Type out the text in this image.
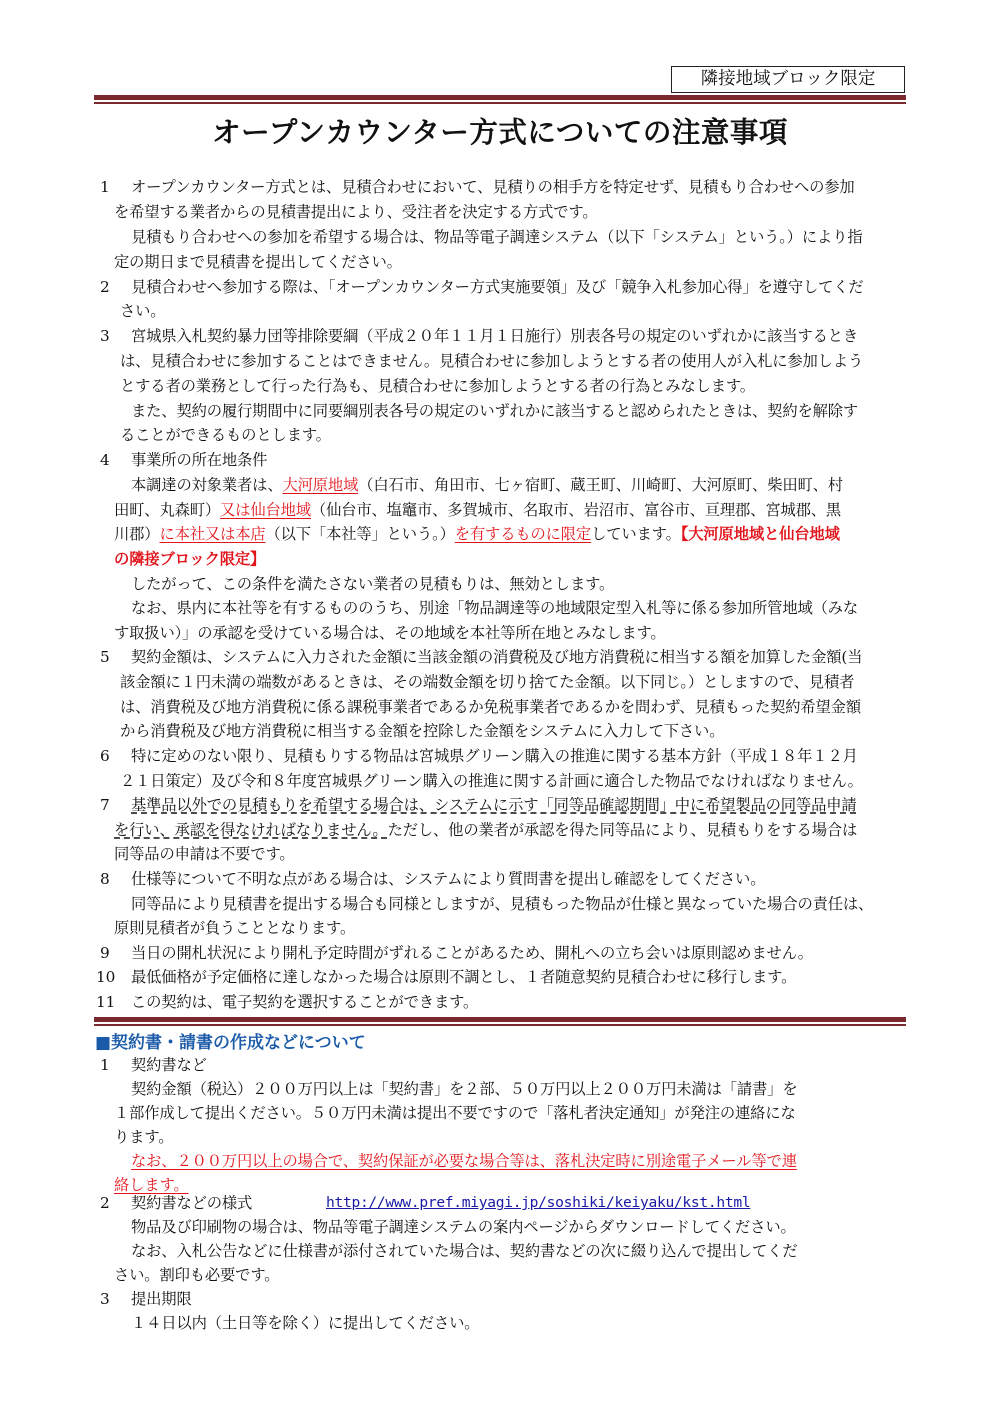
隣接地域ブロック限定
オープンカウンター方式についての注意事項
1 オープンカウンター方式とは、見積合わせにおいて、見積りの相手方を特定せず、見積もり合わせへの参加
を希望する業者からの見積書提出により、受注者を決定する方式です。
見積もり合わせへの参加を希望する場合は、物品等電子調達システム（以下「システム」という。）により指
定の期日まで見積書を提出してください。
2 見積合わせへ参加する際は、「オープンカウンター方式実施要領」及び「競争入札参加心得」を遵守してくだ
さい。
3 宮城県入札契約暴力団等排除要綱（平成２０年１１月１日施行）別表各号の規定のいずれかに該当するとき
は、見積合わせに参加することはできません。見積合わせに参加しようとする者の使用人が入札に参加しよう
とする者の業務として行った行為も、見積合わせに参加しようとする者の行為とみなします。
また、契約の履行期間中に同要綱別表各号の規定のいずれかに該当すると認められたときは、契約を解除す
ることができるものとします。
4 事業所の所在地条件
本調達の対象業者は、大河原地域（白石市、角田市、七ヶ宿町、蔵王町、川崎町、大河原町、柴田町、村
田町、丸森町）又は仙台地域（仙台市、塩竈市、多賀城市、名取市、岩沼市、富谷市、亘理郡、宮城郡、黒
川郡）に本社又は本店（以下「本社等」という。）を有するものに限定しています。【大河原地域と仙台地域
の隣接ブロック限定】
したがって、この条件を満たさない業者の見積もりは、無効とします。
なお、県内に本社等を有するもののうち、別途「物品調達等の地域限定型入札等に係る参加所管地域（みな
す取扱い）」の承認を受けている場合は、その地域を本社等所在地とみなします。
5 契約金額は、システムに入力された金額に当該金額の消費税及び地方消費税に相当する額を加算した金額(当
該金額に１円未満の端数があるときは、その端数金額を切り捨てた金額。以下同じ。）としますので、見積者
は、消費税及び地方消費税に係る課税事業者であるか免税事業者であるかを問わず、見積もった契約希望金額
から消費税及び地方消費税に相当する金額を控除した金額をシステムに入力して下さい。
6 特に定めのない限り、見積もりする物品は宮城県グリーン購入の推進に関する基本方針（平成１８年１２月
２１日策定）及び令和８年度宮城県グリーン購入の推進に関する計画に適合した物品でなければなりません。
7 基準品以外での見積もりを希望する場合は、システムに示す「同等品確認期間」中に希望製品の同等品申請
を行い、承認を得なければなりません。ただし、他の業者が承認を得た同等品により、見積もりをする場合は
同等品の申請は不要です。
8 仕様等について不明な点がある場合は、システムにより質問書を提出し確認をしてください。
同等品により見積書を提出する場合も同様としますが、見積もった物品が仕様と異なっていた場合の責任は、
原則見積者が負うこととなります。
9 当日の開札状況により開札予定時間がずれることがあるため、開札への立ち会いは原則認めません。
10 最低価格が予定価格に達しなかった場合は原則不調とし、１者随意契約見積合わせに移行します。
11 この契約は、電子契約を選択することができます。
■契約書・請書の作成などについて
1 契約書など
契約金額（税込）２００万円以上は「契約書」を２部、５０万円以上２００万円未満は「請書」を
１部作成して提出ください。５０万円未満は提出不要ですので「落札者決定通知」が発注の連絡にな
ります。
なお、２００万円以上の場合で、契約保証が必要な場合等は、落札決定時に別途電子メール等で連
絡します。
2 契約書などの様式	http://www.pref.miyagi.jp/soshiki/keiyaku/kst.html
物品及び印刷物の場合は、物品等電子調達システムの案内ページからダウンロードしてください。
なお、入札公告などに仕様書が添付されていた場合は、契約書などの次に綴り込んで提出してくだ
さい。割印も必要です。
3 提出期限
１４日以内（土日等を除く）に提出してください。
